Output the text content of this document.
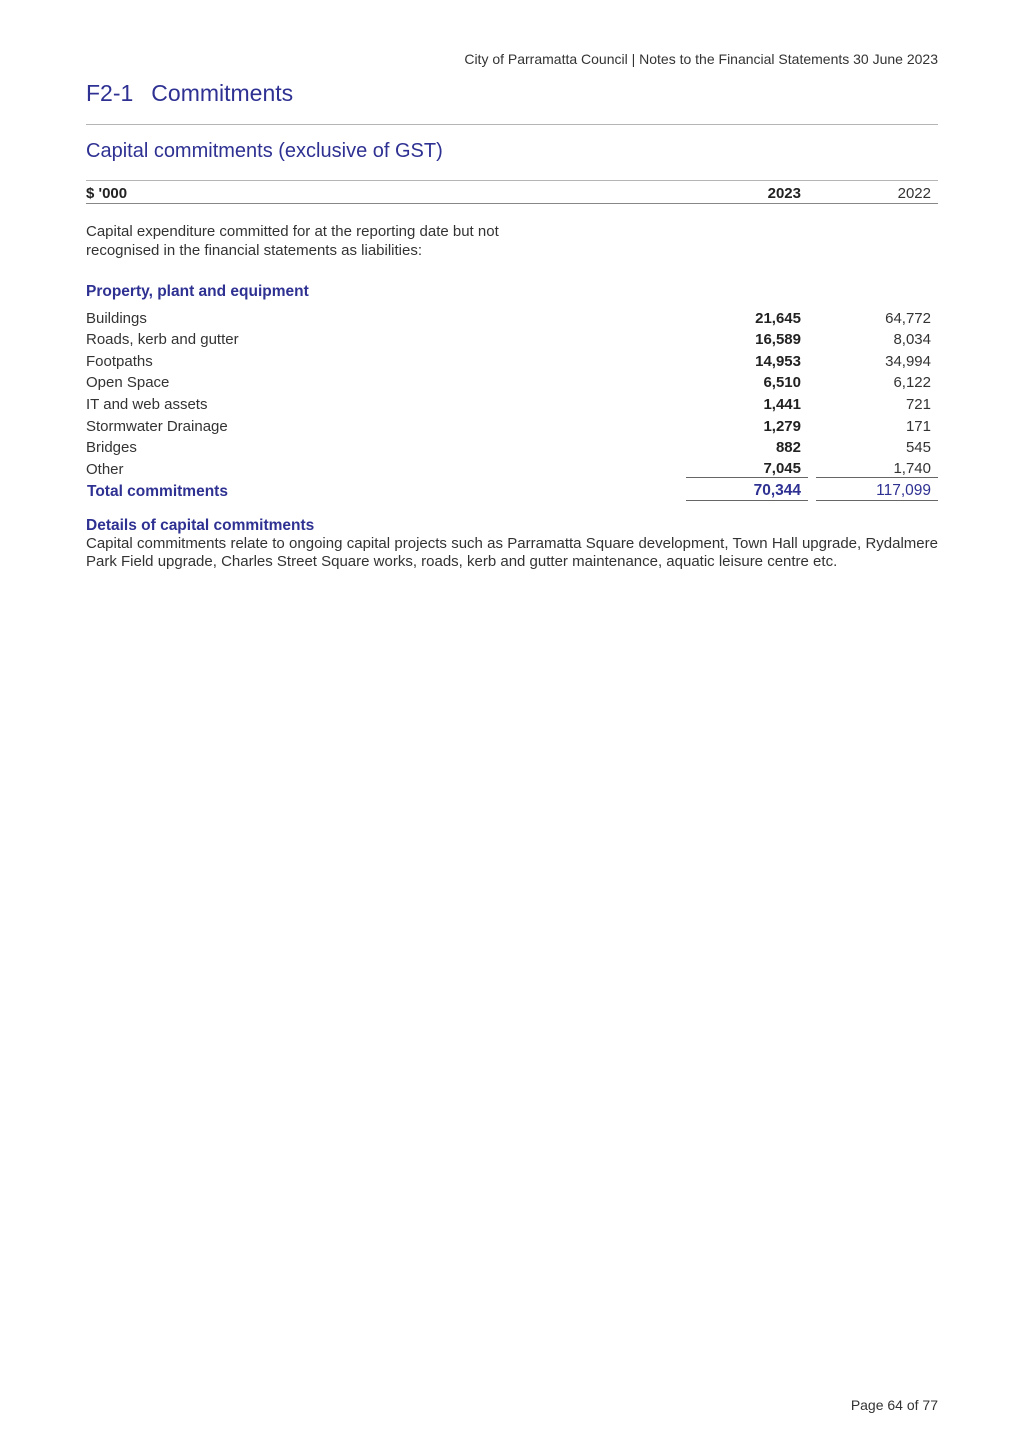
City of Parramatta Council | Notes to the Financial Statements 30 June 2023
F2-1 Commitments
Capital commitments (exclusive of GST)
$ '000	2023	2022
Capital expenditure committed for at the reporting date but not recognised in the financial statements as liabilities:
Property, plant and equipment
Buildings	21,645	64,772
Roads, kerb and gutter	16,589	8,034
Footpaths	14,953	34,994
Open Space	6,510	6,122
IT and web assets	1,441	721
Stormwater Drainage	1,279	171
Bridges	882	545
Other	7,045	1,740
Total commitments	70,344	117,099
Details of capital commitments
Capital commitments relate to ongoing capital projects such as Parramatta Square development, Town Hall upgrade, Rydalmere Park Field upgrade, Charles Street Square works, roads, kerb and gutter maintenance, aquatic leisure centre etc.
Page 64 of 77
